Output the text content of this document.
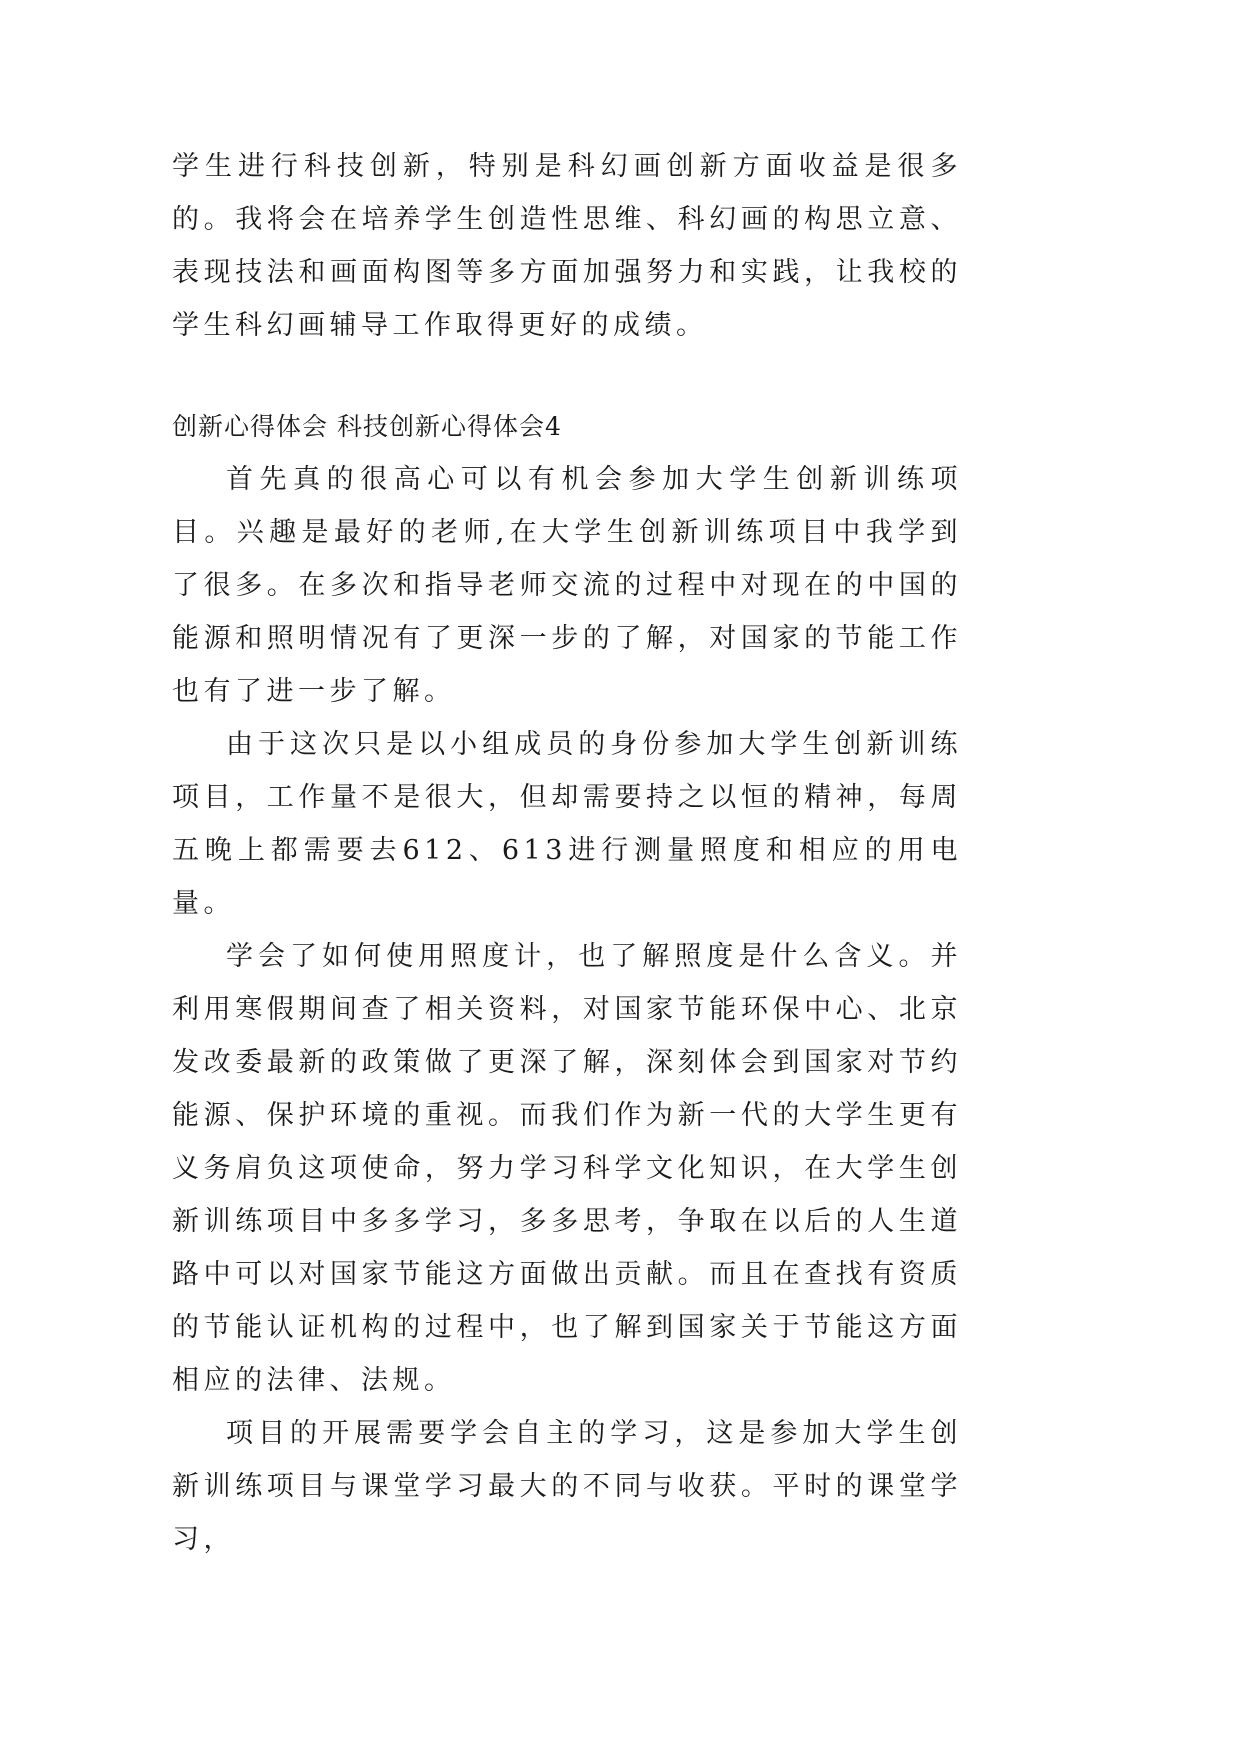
学生进行科技创新，特别是科幻画创新方面收益是很多的。我将会在培养学生创造性思维、科幻画的构思立意、表现技法和画面构图等多方面加强努力和实践，让我校的学生科幻画辅导工作取得更好的成绩。

创新心得体会 科技创新心得体会4

首先真的很高心可以有机会参加大学生创新训练项目。兴趣是最好的老师,在大学生创新训练项目中我学到了很多。在多次和指导老师交流的过程中对现在的中国的能源和照明情况有了更深一步的了解，对国家的节能工作也有了进一步了解。

由于这次只是以小组成员的身份参加大学生创新训练项目，工作量不是很大，但却需要持之以恒的精神，每周五晚上都需要去612、613进行测量照度和相应的用电量。

学会了如何使用照度计，也了解照度是什么含义。并利用寒假期间查了相关资料，对国家节能环保中心、北京发改委最新的政策做了更深了解，深刻体会到国家对节约能源、保护环境的重视。而我们作为新一代的大学生更有义务肩负这项使命，努力学习科学文化知识，在大学生创新训练项目中多多学习，多多思考，争取在以后的人生道路中可以对国家节能这方面做出贡献。而且在查找有资质的节能认证机构的过程中，也了解到国家关于节能这方面相应的法律、法规。

项目的开展需要学会自主的学习，这是参加大学生创新训练项目与课堂学习最大的不同与收获。平时的课堂学习，
